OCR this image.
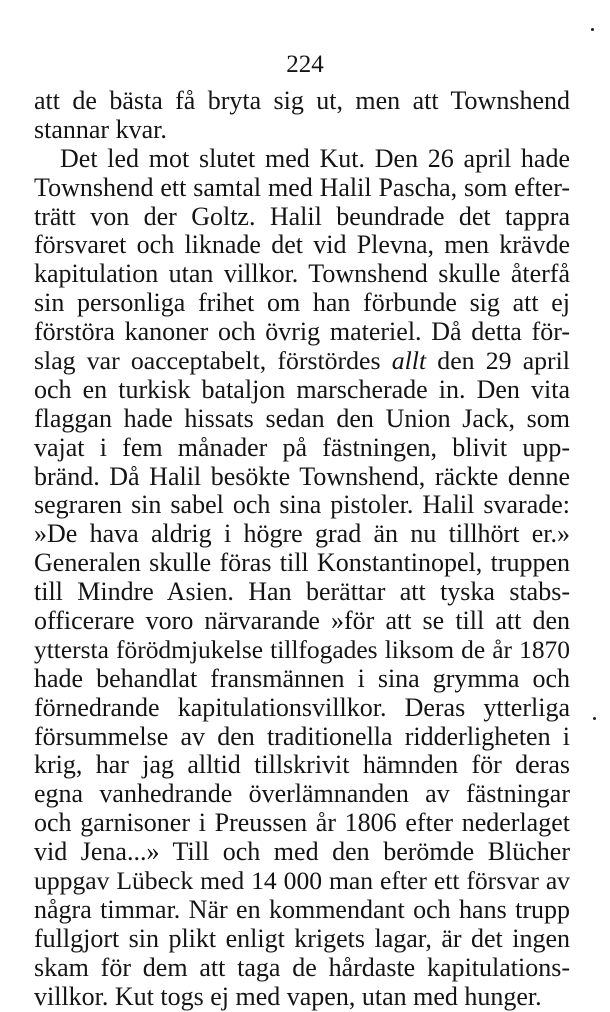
224
att de bästa få bryta sig ut, men att Townshend
stannar kvar.
Det led mot slutet med Kut. Den 26 april hade
Townshend ett samtal med Halil Pascha, som efter-
trätt von der Goltz. Halil beundrade det tappra
försvaret och liknade det vid Plevna, men krävde
kapitulation utan villkor. Townshend skulle återfå
sin personliga frihet om han förbunde sig att ej
förstöra kanoner och övrig materiel. Då detta för-
slag var oacceptabelt, förstördes allt den 29 april
och en turkisk bataljon marscherade in. Den vita
flaggan hade hissats sedan den Union Jack, som
vajat i fem månader på fästningen, blivit upp-
bränd. Då Halil besökte Townshend, räckte denne
segraren sin sabel och sina pistoler. Halil svarade:
»De hava aldrig i högre grad än nu tillhört er.»
Generalen skulle föras till Konstantinopel, truppen
till Mindre Asien. Han berättar att tyska stabs-
officerare voro närvarande »för att se till att den
yttersta förödmjukelse tillfogades liksom de år 1870
hade behandlat fransmännen i sina grymma och
förnedrande kapitulationsvillkor. Deras ytterliga
försummelse av den traditionella ridderligheten i
krig, har jag alltid tillskrivit hämnden för deras
egna vanhedrande överlämnanden av fästningar
och garnisoner i Preussen år 1806 efter nederlaget
vid Jena...» Till och med den berömde Blücher
uppgav Lübeck med 14 000 man efter ett försvar av
några timmar. När en kommendant och hans trupp
fullgjort sin plikt enligt krigets lagar, är det ingen
skam för dem att taga de hårdaste kapitulations-
villkor. Kut togs ej med vapen, utan med hunger.
